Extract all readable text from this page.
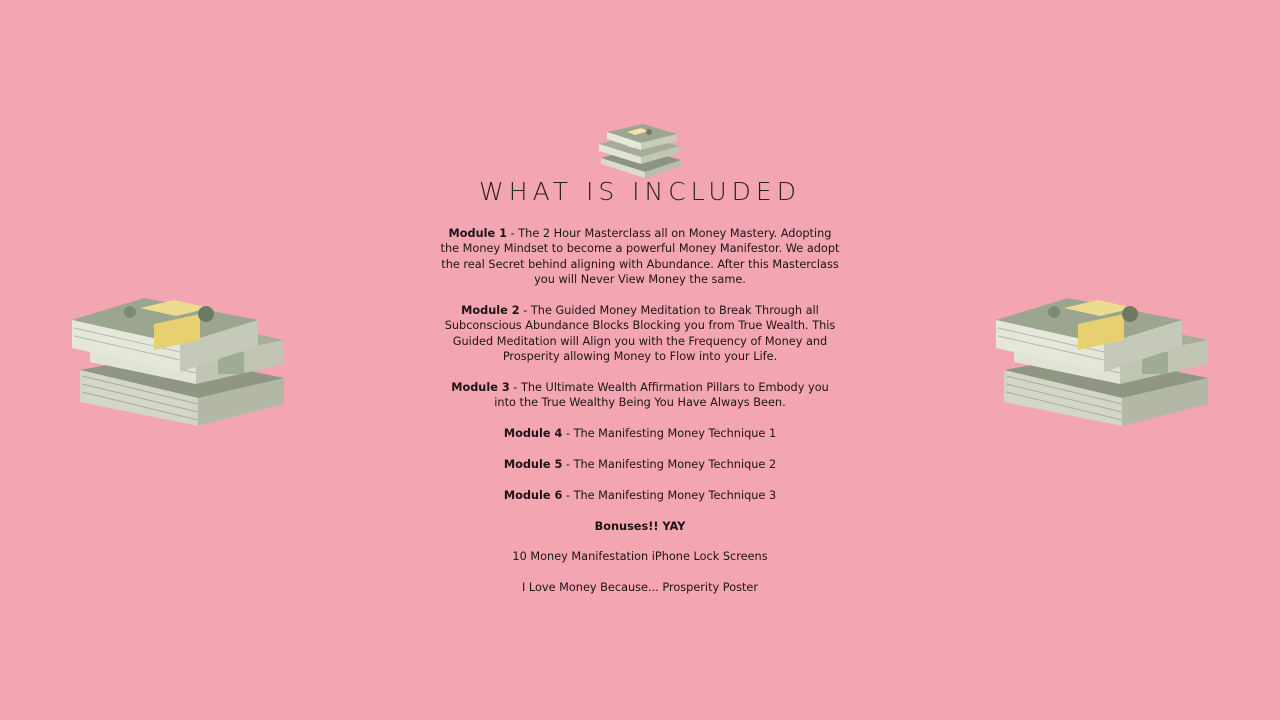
WHAT IS INCLUDED

Module 1 - The 2 Hour Masterclass all on Money Mastery. Adopting the Money Mindset to become a powerful Money Manifestor. We adopt the real Secret behind aligning with Abundance. After this Masterclass you will Never View Money the same.

Module 2 - The Guided Money Meditation to Break Through all Subconscious Abundance Blocks Blocking you from True Wealth. This Guided Meditation will Align you with the Frequency of Money and Prosperity allowing Money to Flow into your Life.

Module 3 - The Ultimate Wealth Affirmation Pillars to Embody you into the True Wealthy Being You Have Always Been.

Module 4 - The Manifesting Money Technique 1

Module 5 - The Manifesting Money Technique 2

Module 6 - The Manifesting Money Technique 3

Bonuses!! YAY

10 Money Manifestation iPhone Lock Screens

I Love Money Because... Prosperity Poster
